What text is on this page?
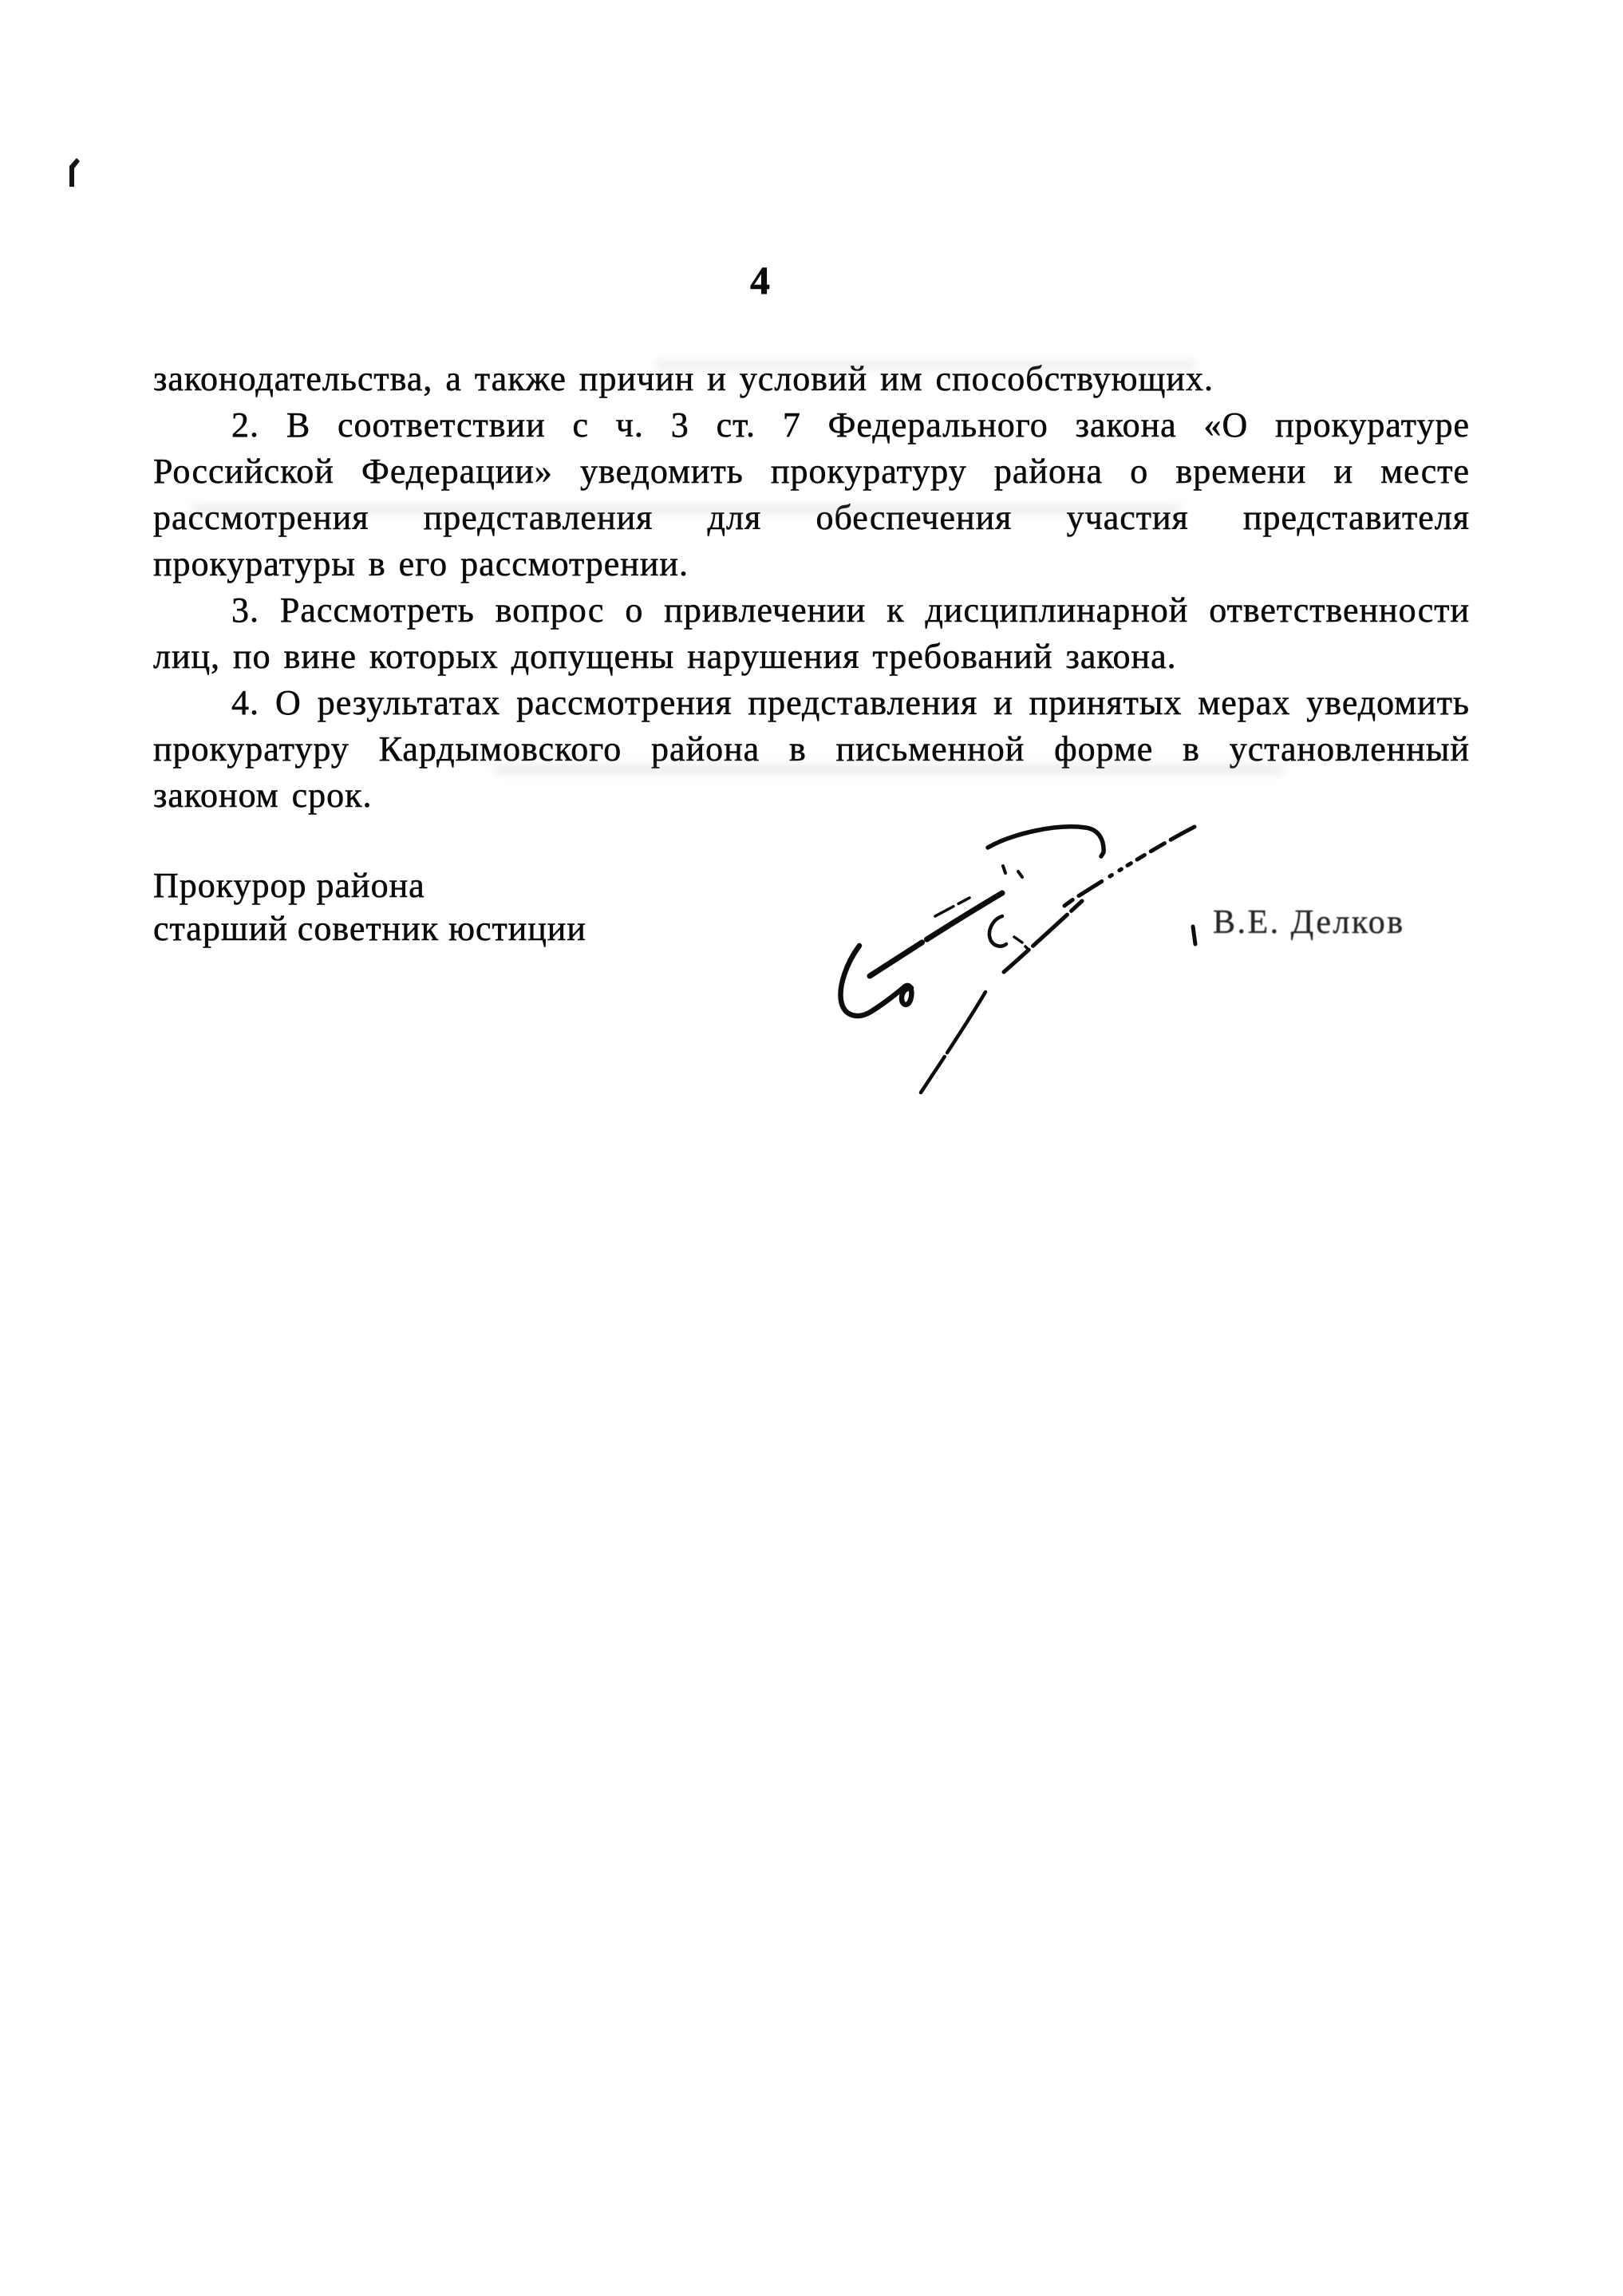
4
законодательства, а также причин и условий им способствующих.
2. В соответствии с ч. 3 ст. 7 Федерального закона «О прокуратуре
Российской Федерации» уведомить прокуратуру района о времени и месте
рассмотрения представления для обеспечения участия представителя
прокуратуры в его рассмотрении.
3. Рассмотреть вопрос о привлечении к дисциплинарной ответственности
лиц, по вине которых допущены нарушения требований закона.
4. О результатах рассмотрения представления и принятых мерах уведомить
прокуратуру Кардымовского района в письменной форме в установленный
законом срок.
Прокурор района
старший советник юстиции	В.Е. Делков
